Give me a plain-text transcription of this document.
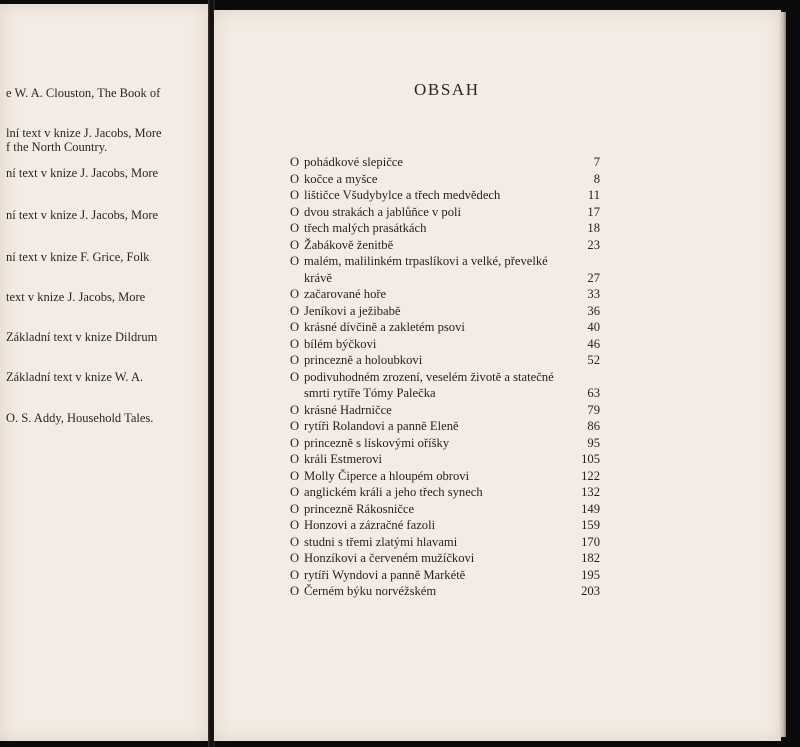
e W. A. Clouston, The Book of
lní text v knize J. Jacobs, More
f the North Country.
ní text v knize J. Jacobs, More
ní text v knize J. Jacobs, More
ní text v knize F. Grice, Folk
text v knize J. Jacobs, More
Základní text v knize Dildrum
Základní text v knize W. A.
O. S. Addy, Household Tales.
OBSAH
O pohádkové slepičce	7
O kočce a myšce	8
O lištičce Všudybylce a třech medvědech	11
O dvou strakách a jablůňce v poli	17
O třech malých prasátkách	18
O Žabákově ženitbě	23
O malém, malilinkém trpaslíkovi a velké, převelké
krávě	27
O začarované hoře	33
O Jeníkovi a ježibabě	36
O krásné dívčině a zakletém psovi	40
O bílém býčkovi	46
O princezně a holoubkovi	52
O podivuhodném zrození, veselém životě a statečné
smrti rytíře Tómy Palečka	63
O krásné Hadrničce	79
O rytíři Rolandovi a panně Eleně	86
O princezně s lískovými oříšky	95
O králi Estmerovi	105
O Molly Čiperce a hloupém obrovi	122
O anglickém králi a jeho třech synech	132
O princezně Rákosničce	149
O Honzovi a zázračné fazoli	159
O studni s třemi zlatými hlavami	170
O Honzíkovi a červeném mužíčkovi	182
O rytíři Wyndovi a panně Markétě	195
O Černém býku norvéžském	203
